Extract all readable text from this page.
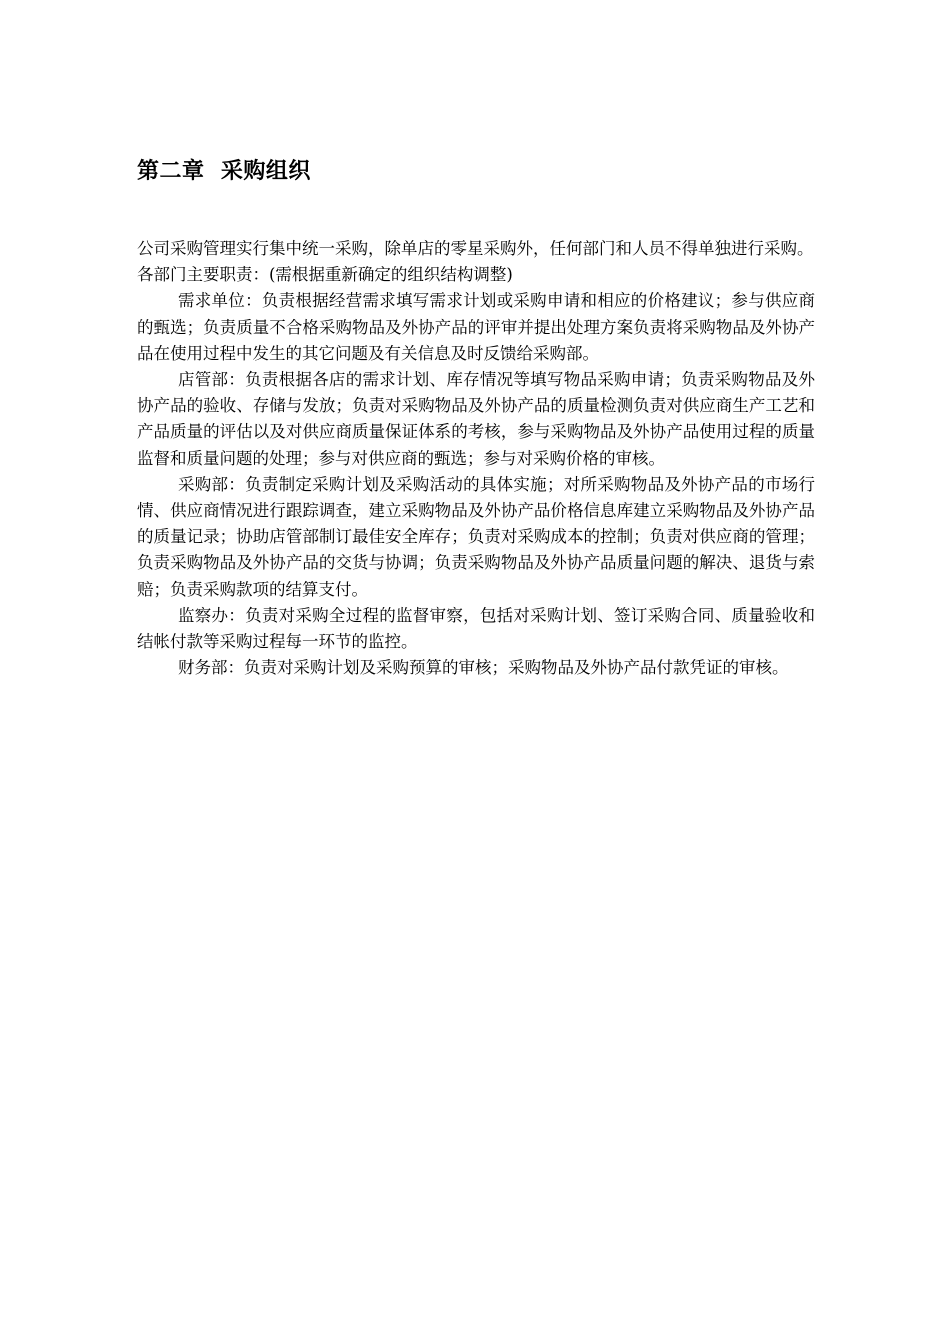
第二章  采购组织

公司采购管理实行集中统一采购，除单店的零星采购外，任何部门和人员不得单独进行采购。

各部门主要职责：(需根据重新确定的组织结构调整)

需求单位：负责根据经营需求填写需求计划或采购申请和相应的价格建议；参与供应商的甄选；负责质量不合格采购物品及外协产品的评审并提出处理方案负责将采购物品及外协产品在使用过程中发生的其它问题及有关信息及时反馈给采购部。

店管部：负责根据各店的需求计划、库存情况等填写物品采购申请；负责采购物品及外协产品的验收、存储与发放；负责对采购物品及外协产品的质量检测负责对供应商生产工艺和产品质量的评估以及对供应商质量保证体系的考核，参与采购物品及外协产品使用过程的质量监督和质量问题的处理；参与对供应商的甄选；参与对采购价格的审核。

采购部：负责制定采购计划及采购活动的具体实施；对所采购物品及外协产品的市场行情、供应商情况进行跟踪调查，建立采购物品及外协产品价格信息库建立采购物品及外协产品的质量记录；协助店管部制订最佳安全库存；负责对采购成本的控制；负责对供应商的管理；负责采购物品及外协产品的交货与协调；负责采购物品及外协产品质量问题的解决、退货与索赔；负责采购款项的结算支付。

监察办：负责对采购全过程的监督审察，包括对采购计划、签订采购合同、质量验收和结帐付款等采购过程每一环节的监控。

财务部：负责对采购计划及采购预算的审核；采购物品及外协产品付款凭证的审核。
